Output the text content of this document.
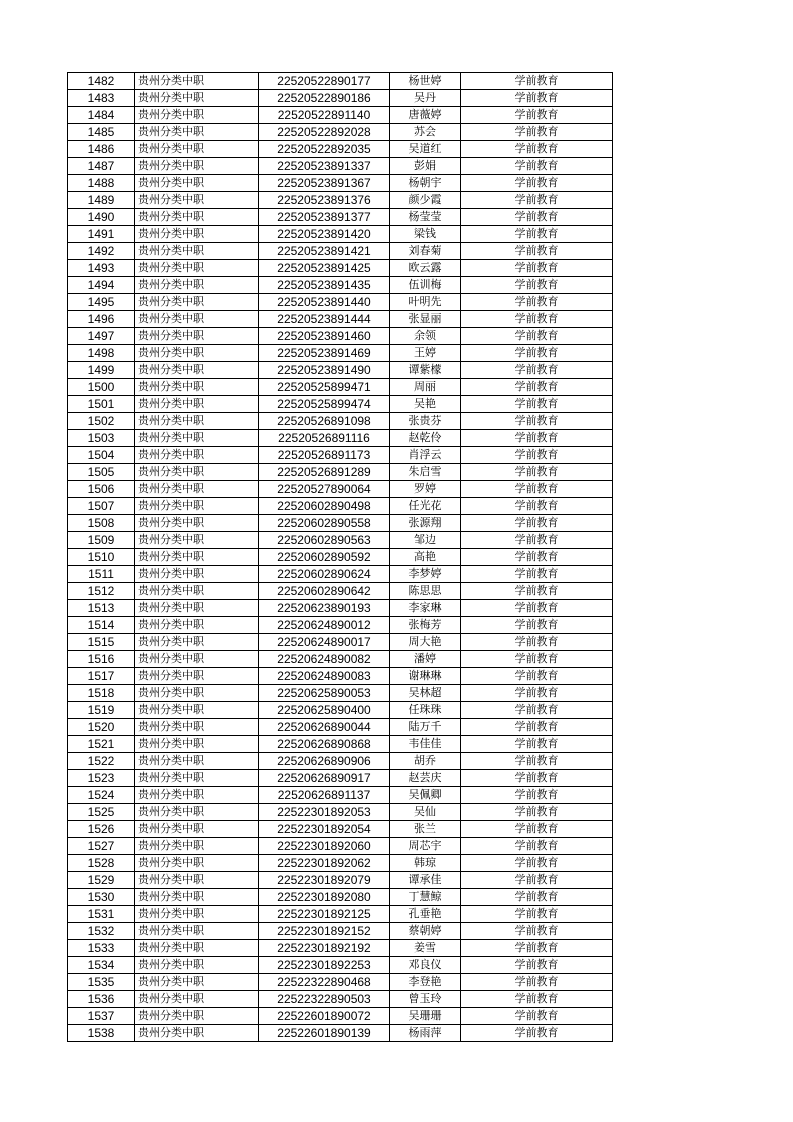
1482	贵州分类中职	22520522890177	杨世婷	学前教育
1483	贵州分类中职	22520522890186	吴丹	学前教育
1484	贵州分类中职	22520522891140	唐薇婷	学前教育
1485	贵州分类中职	22520522892028	苏会	学前教育
1486	贵州分类中职	22520522892035	吴道红	学前教育
1487	贵州分类中职	22520523891337	彭娟	学前教育
1488	贵州分类中职	22520523891367	杨朝宇	学前教育
1489	贵州分类中职	22520523891376	颜少霞	学前教育
1490	贵州分类中职	22520523891377	杨莹莹	学前教育
1491	贵州分类中职	22520523891420	梁钱	学前教育
1492	贵州分类中职	22520523891421	刘春菊	学前教育
1493	贵州分类中职	22520523891425	欧云露	学前教育
1494	贵州分类中职	22520523891435	伍训梅	学前教育
1495	贵州分类中职	22520523891440	叶明先	学前教育
1496	贵州分类中职	22520523891444	张显丽	学前教育
1497	贵州分类中职	22520523891460	余领	学前教育
1498	贵州分类中职	22520523891469	王婷	学前教育
1499	贵州分类中职	22520523891490	谭紫檬	学前教育
1500	贵州分类中职	22520525899471	周丽	学前教育
1501	贵州分类中职	22520525899474	吴艳	学前教育
1502	贵州分类中职	22520526891098	张贵芬	学前教育
1503	贵州分类中职	22520526891116	赵乾伶	学前教育
1504	贵州分类中职	22520526891173	肖浮云	学前教育
1505	贵州分类中职	22520526891289	朱启雪	学前教育
1506	贵州分类中职	22520527890064	罗婷	学前教育
1507	贵州分类中职	22520602890498	任光花	学前教育
1508	贵州分类中职	22520602890558	张源翔	学前教育
1509	贵州分类中职	22520602890563	邹边	学前教育
1510	贵州分类中职	22520602890592	高艳	学前教育
1511	贵州分类中职	22520602890624	李梦婷	学前教育
1512	贵州分类中职	22520602890642	陈思思	学前教育
1513	贵州分类中职	22520623890193	李家琳	学前教育
1514	贵州分类中职	22520624890012	张梅芳	学前教育
1515	贵州分类中职	22520624890017	周大艳	学前教育
1516	贵州分类中职	22520624890082	潘婷	学前教育
1517	贵州分类中职	22520624890083	谢琳琳	学前教育
1518	贵州分类中职	22520625890053	吴林超	学前教育
1519	贵州分类中职	22520625890400	任珠珠	学前教育
1520	贵州分类中职	22520626890044	陆万千	学前教育
1521	贵州分类中职	22520626890868	韦佳佳	学前教育
1522	贵州分类中职	22520626890906	胡乔	学前教育
1523	贵州分类中职	22520626890917	赵芸庆	学前教育
1524	贵州分类中职	22520626891137	吴佩卿	学前教育
1525	贵州分类中职	22522301892053	吴仙	学前教育
1526	贵州分类中职	22522301892054	张兰	学前教育
1527	贵州分类中职	22522301892060	周芯宇	学前教育
1528	贵州分类中职	22522301892062	韩琼	学前教育
1529	贵州分类中职	22522301892079	谭承佳	学前教育
1530	贵州分类中职	22522301892080	丁慧鲸	学前教育
1531	贵州分类中职	22522301892125	孔垂艳	学前教育
1532	贵州分类中职	22522301892152	蔡朝婷	学前教育
1533	贵州分类中职	22522301892192	姜雪	学前教育
1534	贵州分类中职	22522301892253	邓良仪	学前教育
1535	贵州分类中职	22522322890468	李登艳	学前教育
1536	贵州分类中职	22522322890503	曾玉玲	学前教育
1537	贵州分类中职	22522601890072	吴珊珊	学前教育
1538	贵州分类中职	22522601890139	杨雨萍	学前教育
